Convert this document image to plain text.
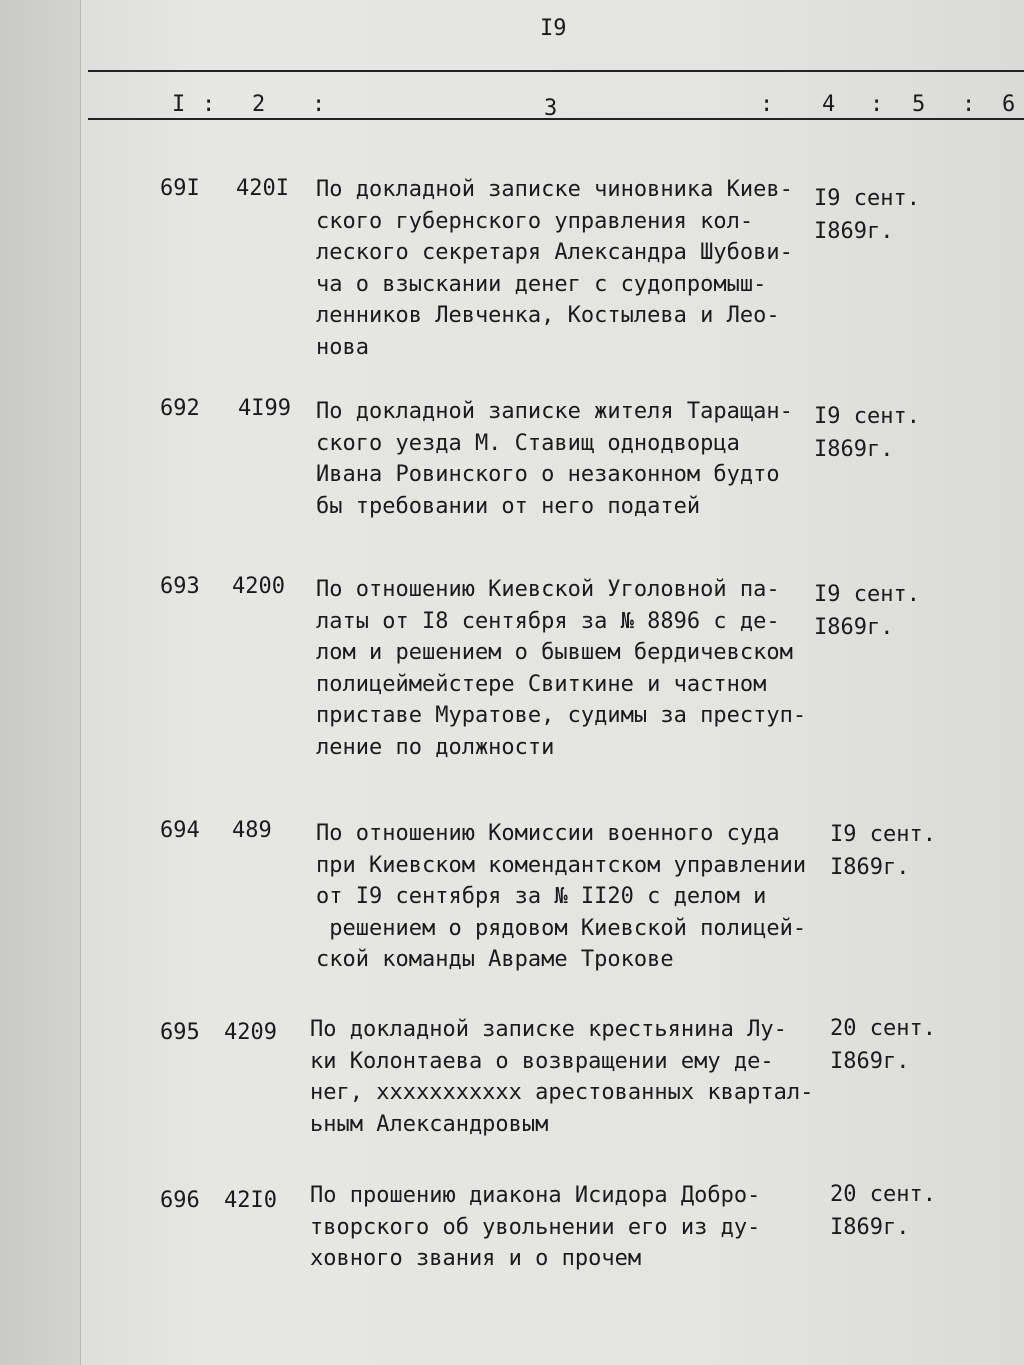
I9
I : 2 :	3	: 4 : 5 : 6
69I 420I По докладной записке чиновника Киев-
ского губернского управления кол-
леского секретаря Александра Шубови-
ча о взыскании денег с судопромыш-
ленников Левченка, Костылева и Лео-
нова
I9 сент.
I869г.
692 4I99 По докладной записке жителя Таращан-
ского уезда М. Ставищ однодворца
Ивана Ровинского о незаконном будто
бы требовании от него податей
I9 сент.
I869г.
693 4200 По отношению Киевской Уголовной па-
латы от I8 сентября за № 8896 с де-
лом и решением о бывшем бердичевском
полицеймейстере Свиткине и частном
приставе Муратове, судимы за преступ-
ление по должности
I9 сент.
I869г.
694 489 По отношению Комиссии военного суда
при Киевском комендантском управлении
от I9 сентября за № II20 с делом и
решением о рядовом Киевской полицей-
ской команды Авраме Трокове
I9 сент.
I869г.
695 4209 По докладной записке крестьянина Лу-
ки Колонтаева о возвращении ему де-
нег, ххххххххххх арестованных квартал-
ьным Александровым
20 сент.
I869г.
696 42I0 По прошению диакона Исидора Добро-
творского об увольнении его из ду-
ховного звания и о прочем
20 сент.
I869г.
